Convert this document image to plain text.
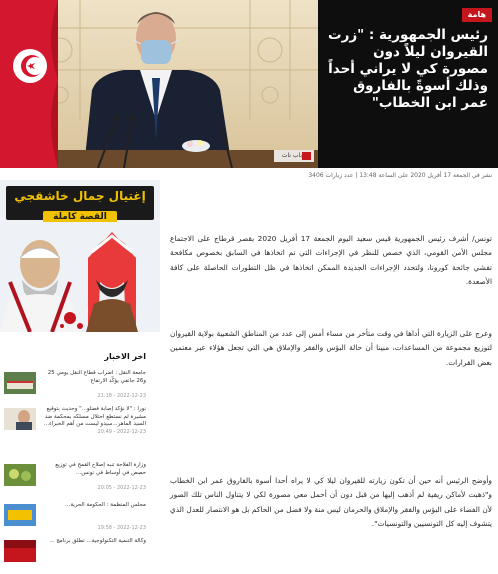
باب نات
هامة
رئيس الجمهورية : "زرت القيروان ليلاً دون مصورة كي لا يراني أحداً وذلك أسوةً بالفاروق عمر ابن الخطاب"

نشر في الجمعة 17 أفريل 2020 على الساعة 13:48 | عدد زيارات 3406

إغتيال جمال خاشقجي
القصة كاملة
اخر الاخبار

جامعة النقل : اضراب قطاع النقل يومي 25 و26 جانفي يؤكّد الارتفاع

2022-12-23 - 21:18

نورا : "لا نؤكد إصابة فضلو..." وحديث بتوقيع مشيرة لم نستطع احتلال مسلكه بمحكمة ضد السيد الماهر...سيدو ليست من أهم الخبراء...

2022-12-23 - 20:49

وزارة الفلاحة تنبه إصلاح القمح في توزيع حصص في أوساط في تونس...

2022-12-23 - 20:05

مجلس المنظمة : الحكومة الحرية...

2022-12-23 - 19:58

وكالة التنمية التكنولوجية... تطلق برنامج ...

تونس/ أشرف رئيس الجمهورية قيس سعيد اليوم الجمعة 17 أفريل 2020 بقصر قرطاج على الاجتماع مجلس الأمن القومي، الذي خصص للنظر في الإجراءات التي تم اتخاذها في السابق بخصوص مكافحة تفشي جائحة كورونا، ولتحدد الإجراءات الجديدة الممكن اتخاذها في ظل التطورات الحاصلة على كافة الأصعدة.

وعرج على الزيارة التي أداها في وقت متأخر من مساء أمس إلى عدد من المناطق الشعبية بولاية القيروان لتوزيع مجموعة من المساعدات، مبينا أن حالة البؤس والفقر والإملاق هي التي تجعل هؤلاء عبر معتمين بعض القرارات.

وأوضح الرئيس أنه حين أن تكون زيارته للقيروان ليلا كي لا يراه أحدا أسوة بالفاروق عمر ابن الخطاب و"ذهبت لأماكن ريفية لم أذهب إليها من قبل دون أن أحمل معي مصورة لكي لا يتناول الناس تلك الصور لأن الفضاء على البؤس والفقر والإملاق والحرمان ليس منة ولا فضل من الحاكم بل هو الانتصار للعدل الذي يتشوف إليه كل التونسيين والتونسيات".
